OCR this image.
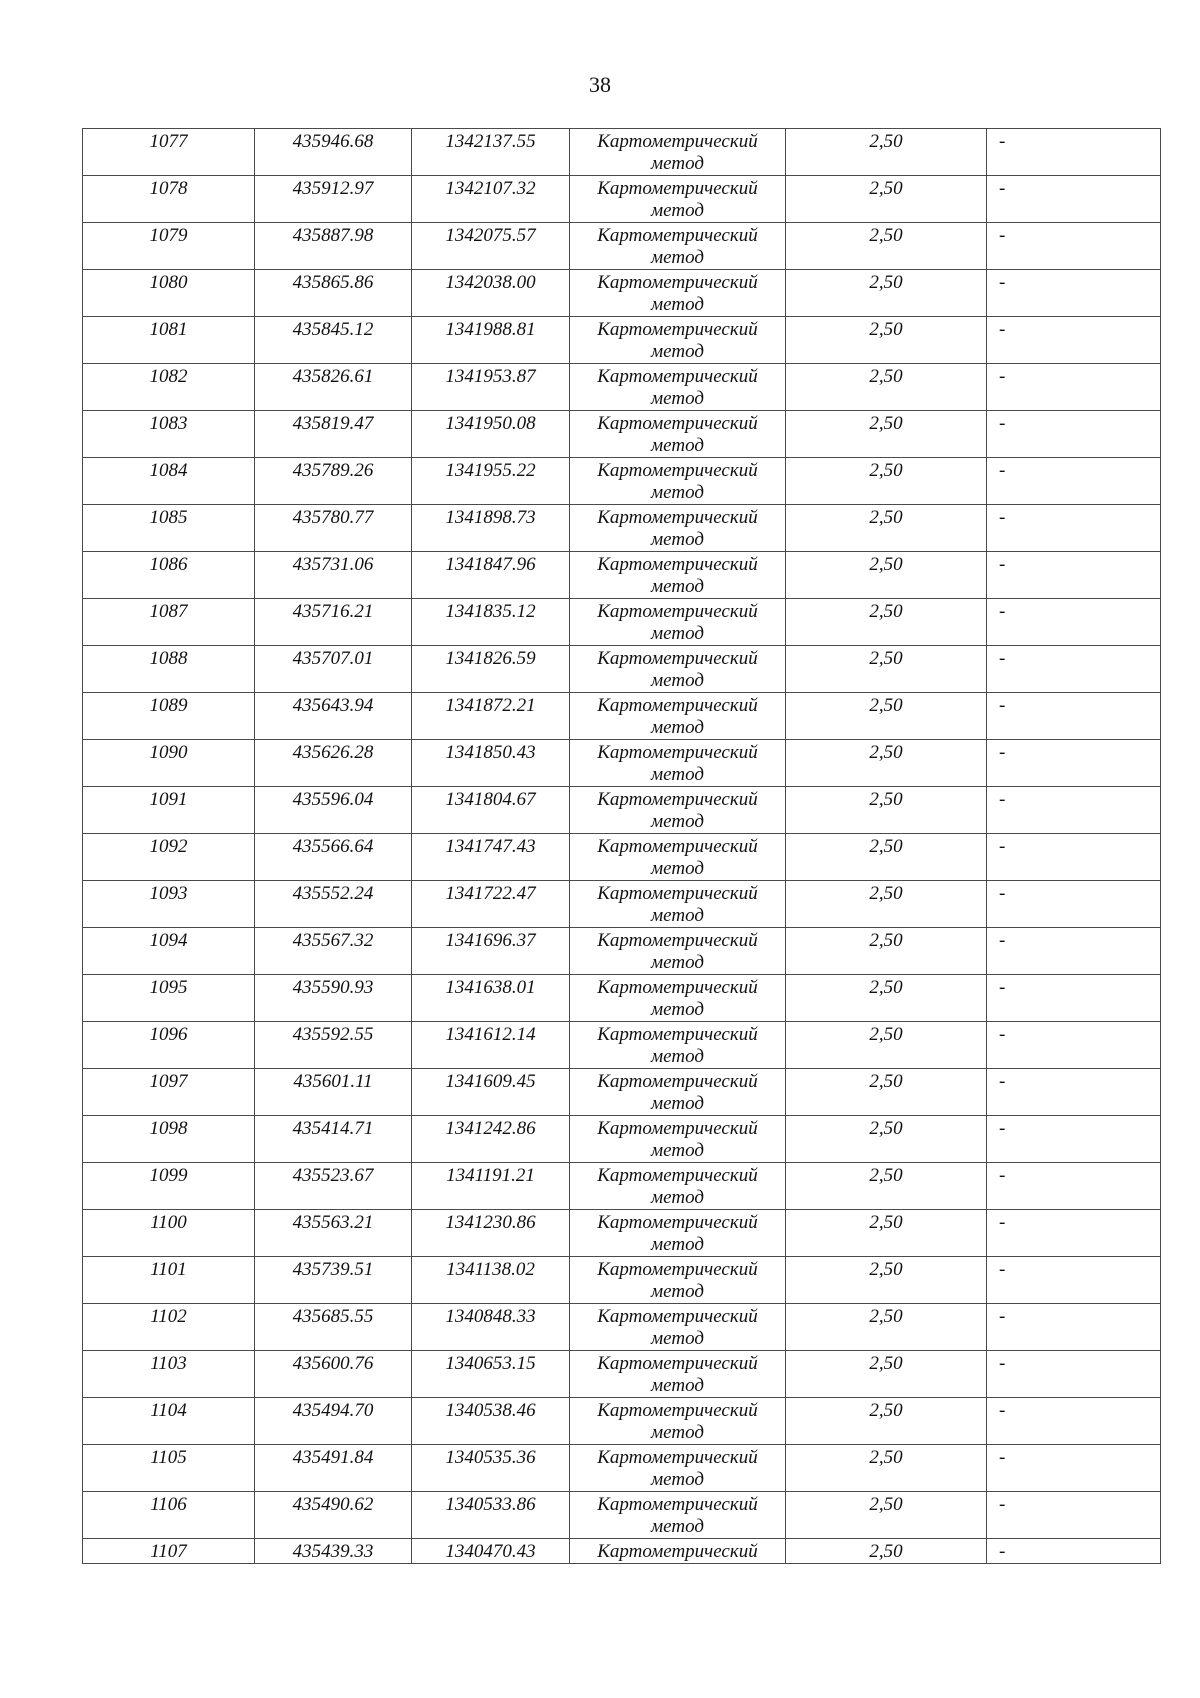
38
1077	435946.68	1342137.55	Картометрический метод	2,50	-

1078	435912.97	1342107.32	Картометрический метод	2,50	-

1079	435887.98	1342075.57	Картометрический метод	2,50	-

1080	435865.86	1342038.00	Картометрический метод	2,50	-

1081	435845.12	1341988.81	Картометрический метод	2,50	-

1082	435826.61	1341953.87	Картометрический метод	2,50	-

1083	435819.47	1341950.08	Картометрический метод	2,50	-

1084	435789.26	1341955.22	Картометрический метод	2,50	-

1085	435780.77	1341898.73	Картометрический метод	2,50	-

1086	435731.06	1341847.96	Картометрический метод	2,50	-

1087	435716.21	1341835.12	Картометрический метод	2,50	-

1088	435707.01	1341826.59	Картометрический метод	2,50	-

1089	435643.94	1341872.21	Картометрический метод	2,50	-

1090	435626.28	1341850.43	Картометрический метод	2,50	-

1091	435596.04	1341804.67	Картометрический метод	2,50	-

1092	435566.64	1341747.43	Картометрический метод	2,50	-

1093	435552.24	1341722.47	Картометрический метод	2,50	-

1094	435567.32	1341696.37	Картометрический метод	2,50	-

1095	435590.93	1341638.01	Картометрический метод	2,50	-

1096	435592.55	1341612.14	Картометрический метод	2,50	-

1097	435601.11	1341609.45	Картометрический метод	2,50	-

1098	435414.71	1341242.86	Картометрический метод	2,50	-

1099	435523.67	1341191.21	Картометрический метод	2,50	-

1100	435563.21	1341230.86	Картометрический метод	2,50	-

1101	435739.51	1341138.02	Картометрический метод	2,50	-

1102	435685.55	1340848.33	Картометрический метод	2,50	-

1103	435600.76	1340653.15	Картометрический метод	2,50	-

1104	435494.70	1340538.46	Картометрический метод	2,50	-

1105	435491.84	1340535.36	Картометрический метод	2,50	-

1106	435490.62	1340533.86	Картометрический метод	2,50	-

1107	435439.33	1340470.43	Картометрический	2,50	-
